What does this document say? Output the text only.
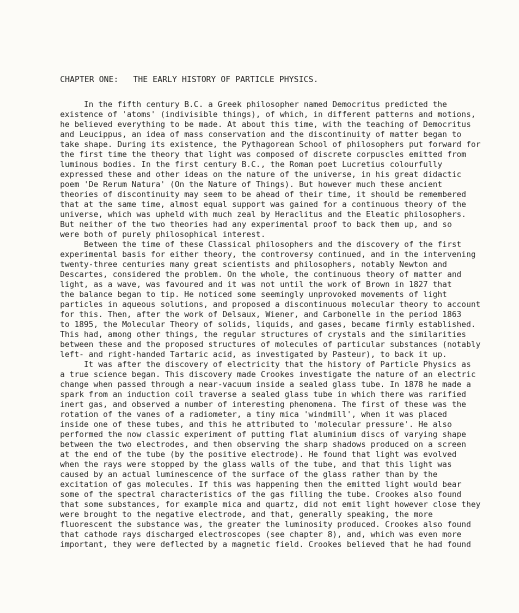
CHAPTER ONE:   THE EARLY HISTORY OF PARTICLE PHYSICS.
In the fifth century B.C. a Greek philosopher named Democritus predicted the
existence of 'atoms' (indivisible things), of which, in different patterns and motions,
he believed everything to be made. At about this time, with the teaching of Democritus
and Leucippus, an idea of mass conservation and the discontinuity of matter began to
take shape. During its existence, the Pythagorean School of philosophers put forward for
the first time the theory that light was composed of discrete corpuscles emitted from
luminous bodies. In the first century B.C., the Roman poet Lucretius colourfully
expressed these and other ideas on the nature of the universe, in his great didactic
poem 'De Rerum Natura' (On the Nature of Things). But however much these ancient
theories of discontinuity may seem to be ahead of their time, it should be remembered
that at the same time, almost equal support was gained for a continuous theory of the
universe, which was upheld with much zeal by Heraclitus and the Eleatic philosophers.
But neither of the two theories had any experimental proof to back them up, and so
were both of purely philosophical interest.
Between the time of these Classical philosophers and the discovery of the first
experimental basis for either theory, the controversy continued, and in the intervening
twenty-three centuries many great scientists and philosophers, notably Newton and
Descartes, considered the problem. On the whole, the continuous theory of matter and
light, as a wave, was favoured and it was not until the work of Brown in 1827 that
the balance began to tip. He noticed some seemingly unprovoked movements of light
particles in aqueous solutions, and proposed a discontinuous molecular theory to account
for this. Then, after the work of Delsaux, Wiener, and Carbonelle in the period 1863
to 1895, the Molecular Theory of solids, liquids, and gases, became firmly established.
This had, among other things, the regular structures of crystals and the similarities
between these and the proposed structures of molecules of particular substances (notably
left- and right-handed Tartaric acid, as investigated by Pasteur), to back it up.
It was after the discovery of electricity that the history of Particle Physics as
a true science began. This discovery made Crookes investigate the nature of an electric
change when passed through a near-vacuum inside a sealed glass tube. In 1878 he made a
spark from an induction coil traverse a sealed glass tube in which there was rarified
inert gas, and observed a number of interesting phenomena. The first of these was the
rotation of the vanes of a radiometer, a tiny mica 'windmill', when it was placed
inside one of these tubes, and this he attributed to 'molecular pressure'. He also
performed the now classic experiment of putting flat aluminium discs of varying shape
between the two electrodes, and then observing the sharp shadows produced on a screen
at the end of the tube (by the positive electrode). He found that light was evolved
when the rays were stopped by the glass walls of the tube, and that this light was
caused by an actual luminescence of the surface of the glass rather than by the
excitation of gas molecules. If this was happening then the emitted light would bear
some of the spectral characteristics of the gas filling the tube. Crookes also found
that some substances, for example mica and quartz, did not emit light however close they
were brought to the negative electrode, and that, generally speaking, the more
fluorescent the substance was, the greater the luminosity produced. Crookes also found
that cathode rays discharged electroscopes (see chapter 8), and, which was even more
important, they were deflected by a magnetic field. Crookes believed that he had found
